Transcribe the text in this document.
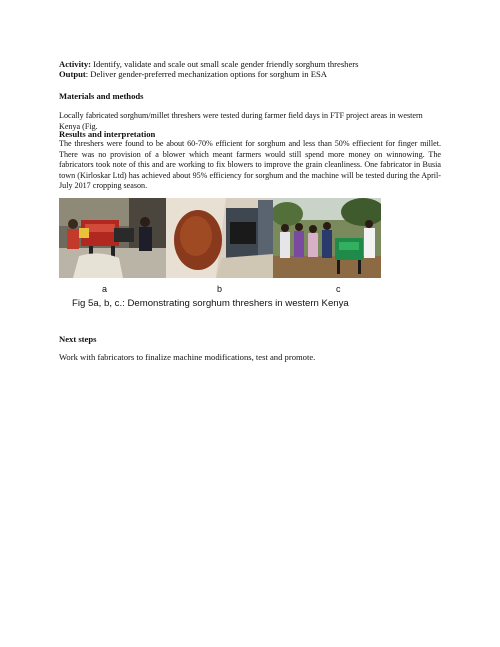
Activity: Identify, validate and scale out small scale gender friendly sorghum threshers
Output: Deliver gender-preferred mechanization options for sorghum in ESA
Materials and methods
Locally fabricated sorghum/millet threshers were tested during farmer field days in FTF project areas in western Kenya (Fig.
Results and interpretation
The threshers were found to be about 60-70% efficient for sorghum and less than 50% effiecient for finger millet. There was no provision of a blower which meant farmers would still spend more money on winnowing. The fabricators took note of this and are working to fix blowers to improve the grain cleanliness. One fabricator in Busia town (Kirloskar Ltd) has achieved about 95% efficiency for sorghum and the machine will be tested during the April-July 2017 cropping season.
a	b	c
Fig 5a, b, c.: Demonstrating sorghum threshers in western Kenya
Next steps
Work with fabricators to finalize machine modifications, test and promote.
